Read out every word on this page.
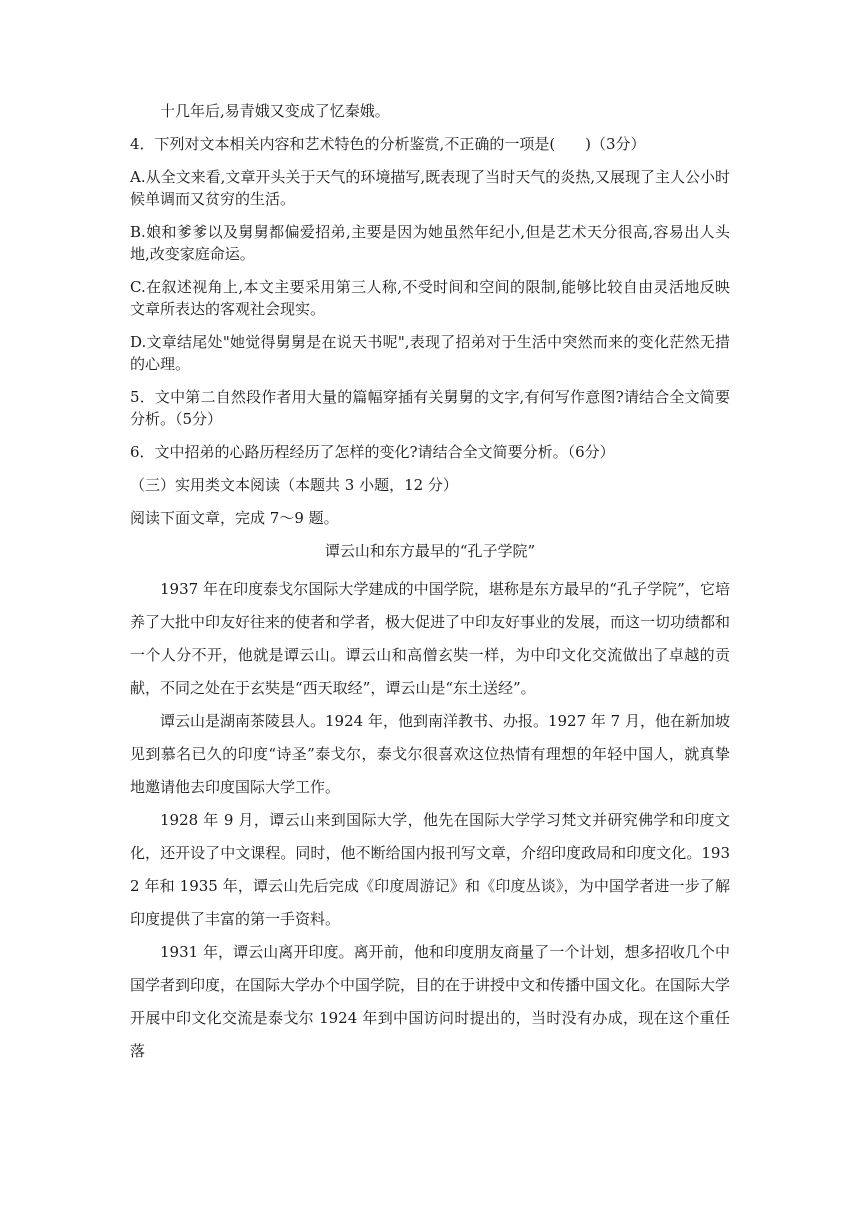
十几年后,易青娥又变成了忆秦娥。

4．下列对文本相关内容和艺术特色的分析鉴赏,不正确的一项是(　　)（3分）

A.从全文来看,文章开头关于天气的环境描写,既表现了当时天气的炎热,又展现了主人公小时候单调而又贫穷的生活。

B.娘和爹爹以及舅舅都偏爱招弟,主要是因为她虽然年纪小,但是艺术天分很高,容易出人头地,改变家庭命运。

C.在叙述视角上,本文主要采用第三人称,不受时间和空间的限制,能够比较自由灵活地反映文章所表达的客观社会现实。

D.文章结尾处"她觉得舅舅是在说天书呢",表现了招弟对于生活中突然而来的变化茫然无措的心理。

5．文中第二自然段作者用大量的篇幅穿插有关舅舅的文字,有何写作意图?请结合全文简要分析。（5分）

6．文中招弟的心路历程经历了怎样的变化?请结合全文简要分析。（6分）

（三）实用类文本阅读（本题共 3 小题，12 分）

阅读下面文章，完成 7～9 题。

谭云山和东方最早的“孔子学院”

1937 年在印度泰戈尔国际大学建成的中国学院，堪称是东方最早的“孔子学院”，它培养了大批中印友好往来的使者和学者，极大促进了中印友好事业的发展，而这一切功绩都和一个人分不开，他就是谭云山。谭云山和高僧玄奘一样，为中印文化交流做出了卓越的贡献，不同之处在于玄奘是“西天取经”，谭云山是“东土送经”。

谭云山是湖南茶陵县人。1924 年，他到南洋教书、办报。1927 年 7 月，他在新加坡见到慕名已久的印度“诗圣”泰戈尔，泰戈尔很喜欢这位热情有理想的年轻中国人，就真挚地邀请他去印度国际大学工作。

1928 年 9 月，谭云山来到国际大学，他先在国际大学学习梵文并研究佛学和印度文化，还开设了中文课程。同时，他不断给国内报刊写文章，介绍印度政局和印度文化。1932 年和 1935 年，谭云山先后完成《印度周游记》和《印度丛谈》，为中国学者进一步了解印度提供了丰富的第一手资料。

1931 年，谭云山离开印度。离开前，他和印度朋友商量了一个计划，想多招收几个中国学者到印度，在国际大学办个中国学院，目的在于讲授中文和传播中国文化。在国际大学开展中印文化交流是泰戈尔 1924 年到中国访问时提出的，当时没有办成，现在这个重任落
